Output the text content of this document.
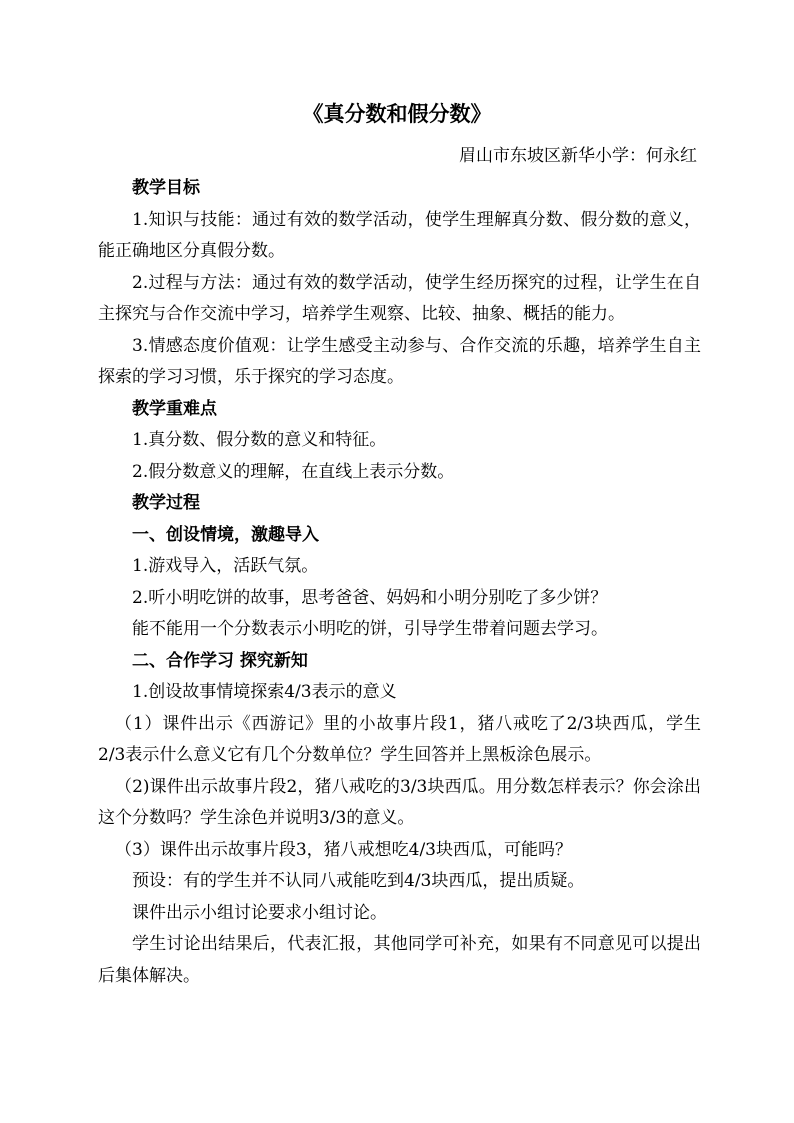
《真分数和假分数》
眉山市东坡区新华小学：何永红
教学目标

1.知识与技能：通过有效的数学活动，使学生理解真分数、假分数的意义，能正确地区分真假分数。

2.过程与方法：通过有效的数学活动，使学生经历探究的过程，让学生在自主探究与合作交流中学习，培养学生观察、比较、抽象、概括的能力。

3.情感态度价值观：让学生感受主动参与、合作交流的乐趣，培养学生自主探索的学习习惯，乐于探究的学习态度。

教学重难点

1.真分数、假分数的意义和特征。

2.假分数意义的理解，在直线上表示分数。

教学过程
一、创设情境，激趣导入

1.游戏导入，活跃气氛。

2.听小明吃饼的故事，思考爸爸、妈妈和小明分别吃了多少饼？

能不能用一个分数表示小明吃的饼，引导学生带着问题去学习。

二、合作学习 探究新知

1.创设故事情境探索4/3表示的意义

（1）课件出示《西游记》里的小故事片段1，猪八戒吃了2/3块西瓜，学生2/3表示什么意义它有几个分数单位？学生回答并上黑板涂色展示。

（2)课件出示故事片段2，猪八戒吃的3/3块西瓜。用分数怎样表示？你会涂出这个分数吗？学生涂色并说明3/3的意义。

（3）课件出示故事片段3，猪八戒想吃4/3块西瓜，可能吗？

预设：有的学生并不认同八戒能吃到4/3块西瓜，提出质疑。

课件出示小组讨论要求小组讨论。

学生讨论出结果后，代表汇报，其他同学可补充，如果有不同意见可以提出后集体解决。
